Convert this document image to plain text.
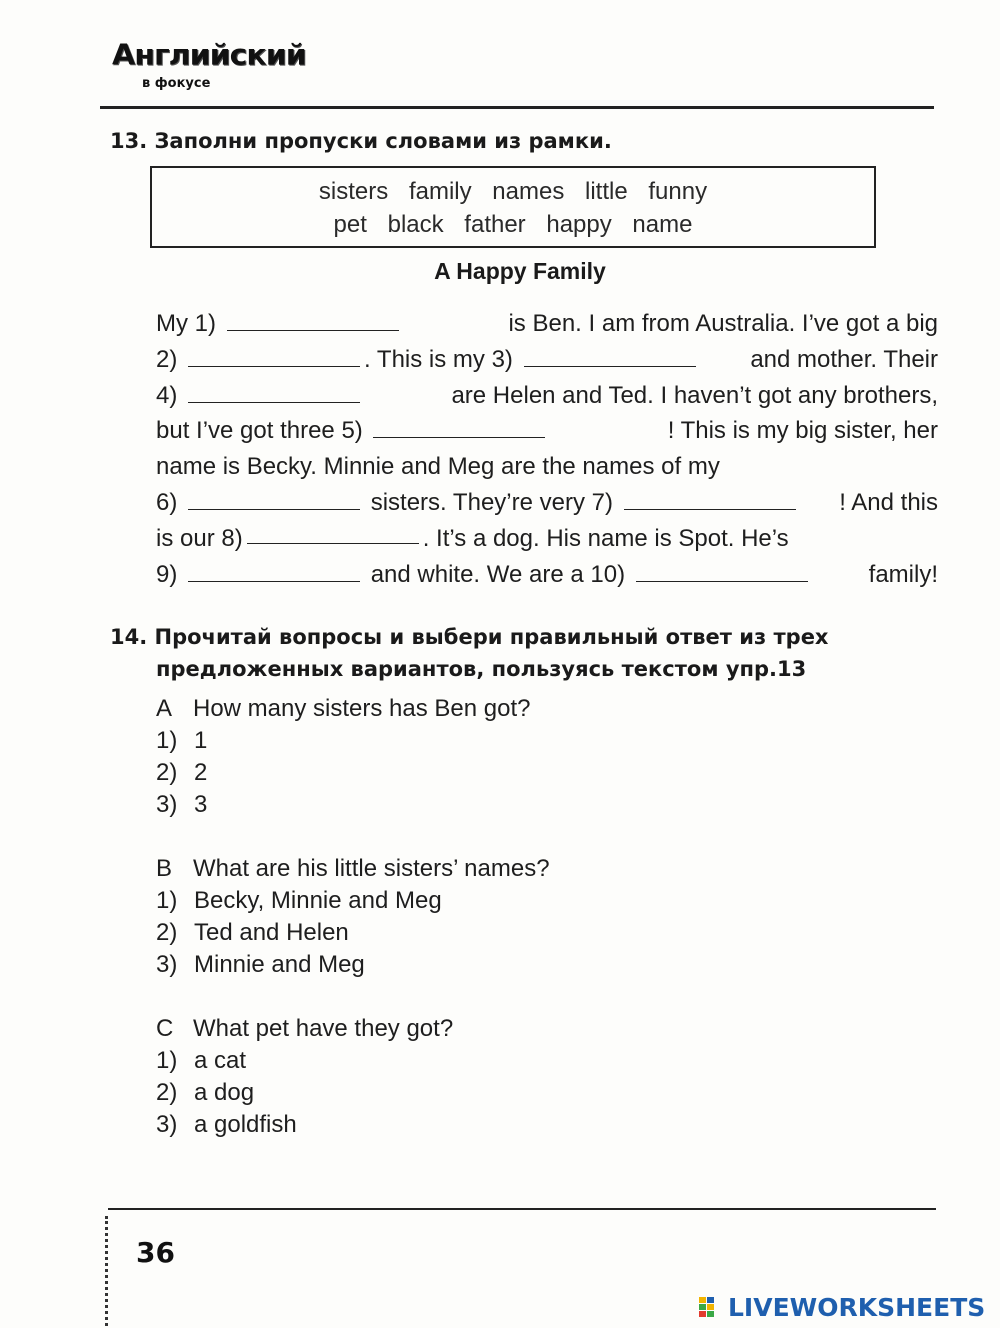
Английский
в фокусе
13. Заполни пропуски словами из рамки.
sisters family names little funny
pet black father happy name
A Happy Family
My 1)	is Ben. I am from Australia. I’ve got a big
2)	. This is my 3)	and mother. Their
4)	are Helen and Ted. I haven’t got any brothers,
but I’ve got three 5)	! This is my big sister, her
name is Becky. Minnie and Meg are the names of my
6)	sisters. They’re very 7)	! And this
is our 8)	. It’s a dog. His name is Spot. He’s
9)	and white. We are a 10)	family!
14. Прочитай вопросы и выбери правильный ответ из трех
предложенных вариантов, пользуясь текстом упр.13
A How many sisters has Ben got?
1) 1
2) 2
3) 3
B What are his little sisters’ names?
1) Becky, Minnie and Meg
2) Ted and Helen
3) Minnie and Meg
C What pet have they got?
1) a cat
2) a dog
3) a goldfish
36
LIVEWORKSHEETS
